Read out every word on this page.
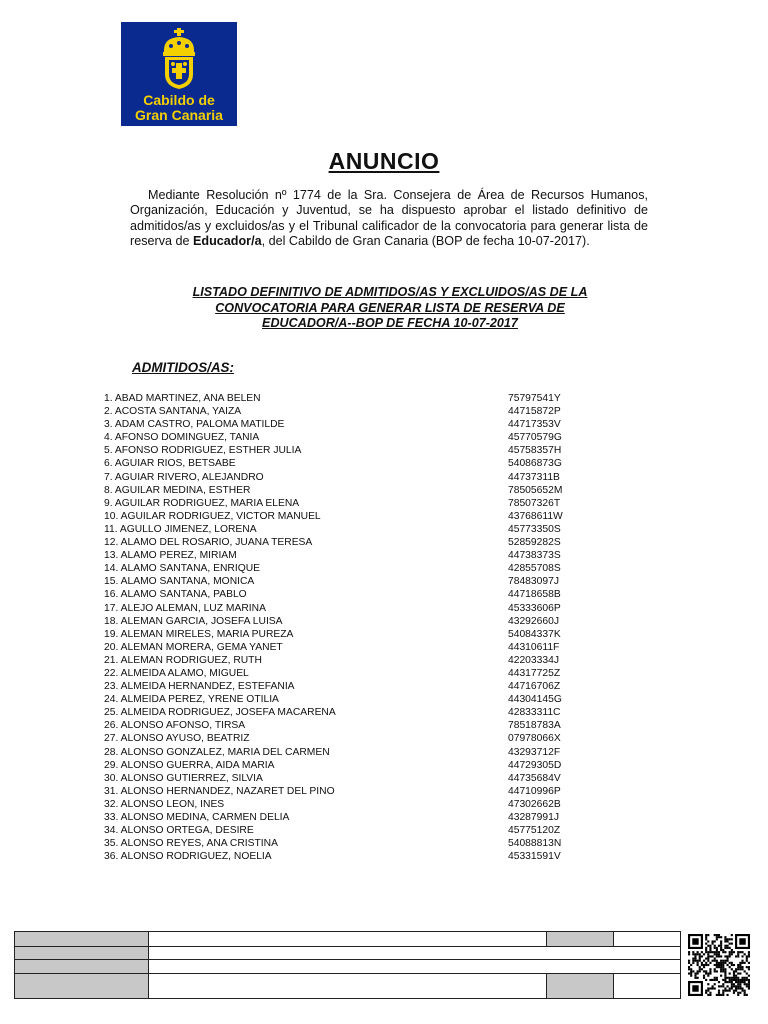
Cabildo de
Gran Canaria
ANUNCIO

Mediante Resolución nº 1774 de la Sra. Consejera de Área de Recursos Humanos, Organización, Educación y Juventud, se ha dispuesto aprobar el listado definitivo de admitidos/as y excluidos/as y el Tribunal calificador de la convocatoria para generar lista de reserva de Educador/a, del Cabildo de Gran Canaria (BOP de fecha 10-07-2017).

LISTADO DEFINITIVO DE ADMITIDOS/AS Y EXCLUIDOS/AS DE LA
CONVOCATORIA PARA GENERAR LISTA DE RESERVA DE
EDUCADOR/A--BOP DE FECHA 10-07-2017
ADMITIDOS/AS:
1. ABAD MARTINEZ, ANA BELEN	75797541Y
2. ACOSTA SANTANA, YAIZA	44715872P
3. ADAM CASTRO, PALOMA MATILDE	44717353V
4. AFONSO DOMINGUEZ, TANIA	45770579G
5. AFONSO RODRIGUEZ, ESTHER JULIA	45758357H
6. AGUIAR RIOS, BETSABE	54086873G
7. AGUIAR RIVERO, ALEJANDRO	44737311B
8. AGUILAR MEDINA, ESTHER	78505652M
9. AGUILAR RODRIGUEZ, MARIA ELENA	78507326T
10. AGUILAR RODRIGUEZ, VICTOR MANUEL	43768611W
11. AGULLO JIMENEZ, LORENA	45773350S
12. ALAMO DEL ROSARIO, JUANA TERESA	52859282S
13. ALAMO PEREZ, MIRIAM	44738373S
14. ALAMO SANTANA, ENRIQUE	42855708S
15. ALAMO SANTANA, MONICA	78483097J
16. ALAMO SANTANA, PABLO	44718658B
17. ALEJO ALEMAN, LUZ MARINA	45333606P
18. ALEMAN GARCIA, JOSEFA LUISA	43292660J
19. ALEMAN MIRELES, MARIA PUREZA	54084337K
20. ALEMAN MORERA, GEMA YANET	44310611F
21. ALEMAN RODRIGUEZ, RUTH	42203334J
22. ALMEIDA ALAMO, MIGUEL	44317725Z
23. ALMEIDA HERNANDEZ, ESTEFANIA	44716706Z
24. ALMEIDA PEREZ, YRENE OTILIA	44304145G
25. ALMEIDA RODRIGUEZ, JOSEFA MACARENA	42833311C
26. ALONSO AFONSO, TIRSA	78518783A
27. ALONSO AYUSO, BEATRIZ	07978066X
28. ALONSO GONZALEZ, MARIA DEL CARMEN	43293712F
29. ALONSO GUERRA, AIDA MARIA	44729305D
30. ALONSO GUTIERREZ, SILVIA	44735684V
31. ALONSO HERNANDEZ, NAZARET DEL PINO	44710996P
32. ALONSO LEON, INES	47302662B
33. ALONSO MEDINA, CARMEN DELIA	43287991J
34. ALONSO ORTEGA, DESIRE	45775120Z
35. ALONSO REYES, ANA CRISTINA	54088813N
36. ALONSO RODRIGUEZ, NOELIA	45331591V
